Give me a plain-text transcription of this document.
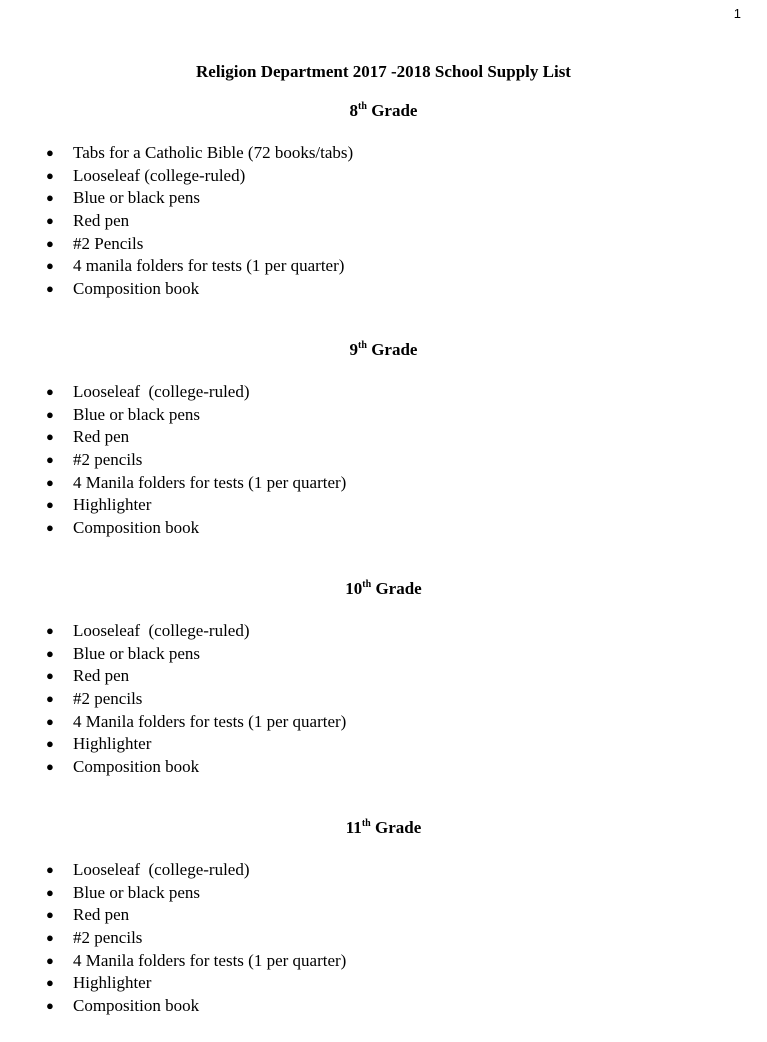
1
Religion Department 2017 -2018 School Supply List
8th Grade
● Tabs for a Catholic Bible (72 books/tabs)
● Looseleaf (college-ruled)
● Blue or black pens
● Red pen
● #2 Pencils
● 4 manila folders for tests (1 per quarter)
● Composition book
9th Grade
● Looseleaf  (college-ruled)
● Blue or black pens
● Red pen
● #2 pencils
● 4 Manila folders for tests (1 per quarter)
● Highlighter
● Composition book
10th Grade
● Looseleaf  (college-ruled)
● Blue or black pens
● Red pen
● #2 pencils
● 4 Manila folders for tests (1 per quarter)
● Highlighter
● Composition book
11th Grade
● Looseleaf  (college-ruled)
● Blue or black pens
● Red pen
● #2 pencils
● 4 Manila folders for tests (1 per quarter)
● Highlighter
● Composition book
